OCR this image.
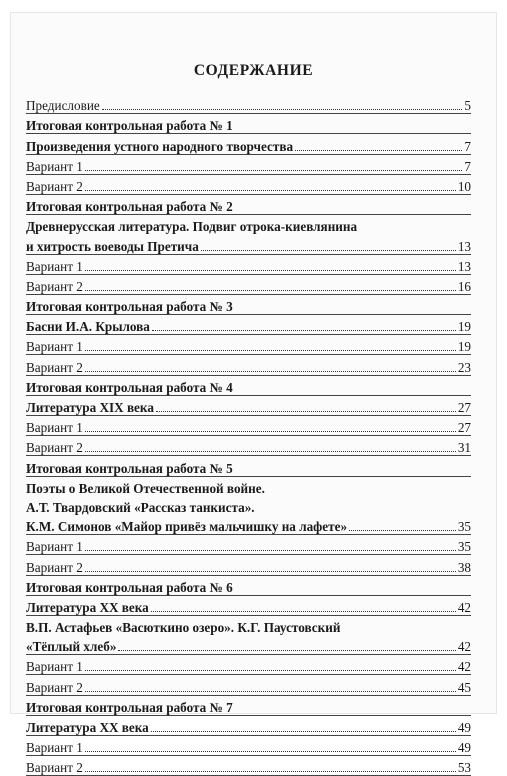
СОДЕРЖАНИЕ
Предисловие	5
Итоговая контрольная работа № 1
Произведения устного народного творчества	7
Вариант 1	7
Вариант 2	10
Итоговая контрольная работа № 2
Древнерусская литература. Подвиг отрока-киевлянина
и хитрость воеводы Претича	13
Вариант 1	13
Вариант 2	16
Итоговая контрольная работа № 3
Басни И.А. Крылова	19
Вариант 1	19
Вариант 2	23
Итоговая контрольная работа № 4
Литература XIX века	27
Вариант 1	27
Вариант 2	31
Итоговая контрольная работа № 5
Поэты о Великой Отечественной войне.
А.Т. Твардовский «Рассказ танкиста».
К.М. Симонов «Майор привёз мальчишку на лафете»	35
Вариант 1	35
Вариант 2	38
Итоговая контрольная работа № 6
Литература XX века	42
В.П. Астафьев «Васюткино озеро». К.Г. Паустовский
«Тёплый хлеб»	42
Вариант 1	42
Вариант 2	45
Итоговая контрольная работа № 7
Литература XX века	49
Вариант 1	49
Вариант 2	53
